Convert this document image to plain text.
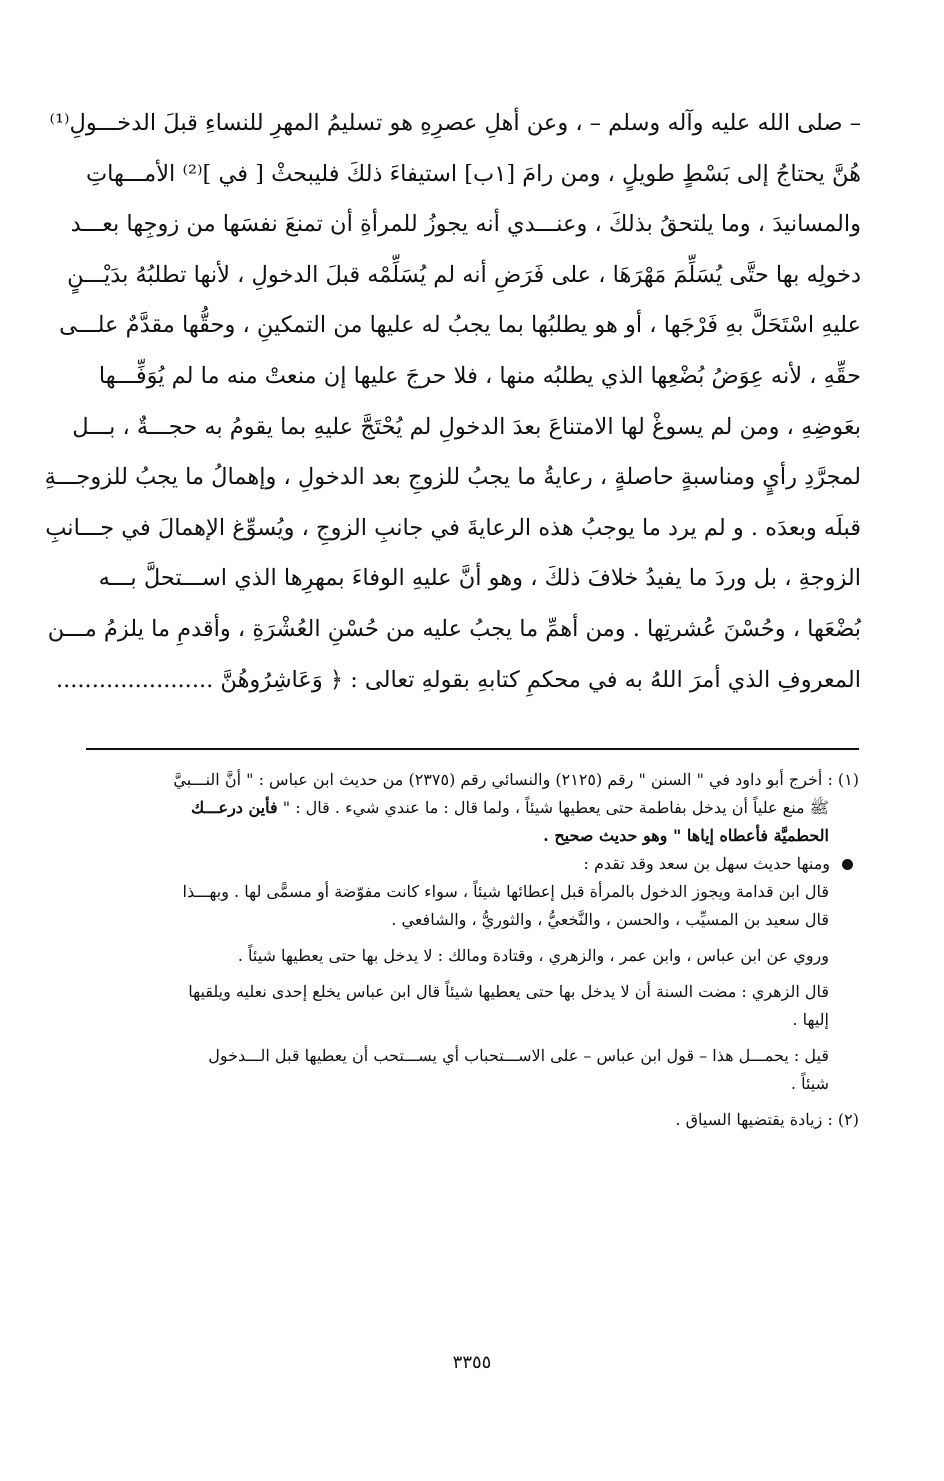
– صلى الله عليه وآله وسلم – ، وعن أهلِ عصرِهِ هو تسليمُ المهرِ للنساءِ قبلَ الدخـــولِ⁽¹⁾
هُنَّ يحتاجُ إلى بَسْطٍ طويلٍ ، ومن رامَ [١ب] استيفاءَ ذلكَ فليبحثْ [ في ]⁽²⁾ الأمـــهاتِ
والمسانيدَ ، وما يلتحقُ بذلكَ ، وعنـــدي أنه يجوزُ للمرأةِ أن تمنعَ نفسَها من زوجِها بعـــد
دخولِه بها حتَّى يُسَلِّمَ مَهْرَهَا ، على فَرَضِ أنه لم يُسَلِّمْه قبلَ الدخولِ ، لأنها تطلبُهُ بدَيْـــنٍ
عليهِ اسْتَحَلَّ بهِ فَرْجَها ، أو هو يطلبُها بما يجبُ له عليها من التمكينِ ، وحقُّها مقدَّمٌ علـــى
حقِّهِ ، لأنه عِوَضُ بُضْعِها الذي يطلبُه منها ، فلا حرجَ عليها إن منعتْ منه ما لم يُوَفِّـــها
بعَوضِهِ ، ومن لم يسوغْ لها الامتناعَ بعدَ الدخولِ لم يُحْتَجَّ عليهِ بما يقومُ به حجـــةٌ ، بـــل
لمجرَّدِ رأيٍ ومناسبةٍ حاصلةٍ ، رعايةُ ما يجبُ للزوجِ بعد الدخولِ ، وإهمالُ ما يجبُ للزوجـــةِ
قبلَه وبعدَه . و لم يرد ما يوجبُ هذه الرعايةَ في جانبِ الزوجِ ، ويُسوِّغ الإهمالَ في جـــانبِ
الزوجةِ ، بل وردَ ما يفيدُ خلافَ ذلكَ ، وهو أنَّ عليهِ الوفاءَ بمهرِها الذي اســـتحلَّ بـــه
بُضْعَها ، وحُسْنَ عُشرتِها . ومن أهمِّ ما يجبُ عليه من حُسْنِ العُشْرَةِ ، وأقدمِ ما يلزمُ مـــن
المعروفِ الذي أمرَ اللهُ به في محكمِ كتابهِ بقولهِ تعالى : ﴿ وَعَاشِرُوهُنَّ ......................
(١) : أخرج أبو داود في " السنن " رقم (٢١٢٥) والنسائي رقم (٢٣٧٥) من حديث ابن عباس : " أنَّ النـــبيَّ
ﷺ منع علياً أن يدخل بفاطمة حتى يعطيها شيئاً ، ولما قال : ما عندي شيء . قال : " فأين درعـــك
الحطميَّة فأعطاه إياها " وهو حديث صحيح .
ومنها حديث سهل بن سعد وقد تقدم :
قال ابن قدامة ويجوز الدخول بالمرأة قبل إعطائها شيئاً ، سواء كانت مفوّضة أو مسمًّى لها . وبهـــذا
قال سعيد بن المسيِّب ، والحسن ، والنَّخعيُّ ، والثوريُّ ، والشافعي .
وروي عن ابن عباس ، وابن عمر ، والزهري ، وقتادة ومالك : لا يدخل بها حتى يعطيها شيئاً .
قال الزهري : مضت السنة أن لا يدخل بها حتى يعطيها شيئاً قال ابن عباس يخلع إحدى نعليه ويلقيها
إليها .
قيل : يحمـــل هذا – قول ابن عباس – على الاســـتحباب أي يســـتحب أن يعطيها قبل الـــدخول
شيئاً .
(٢) : زيادة يقتضيها السياق .
٣٣٥٥
